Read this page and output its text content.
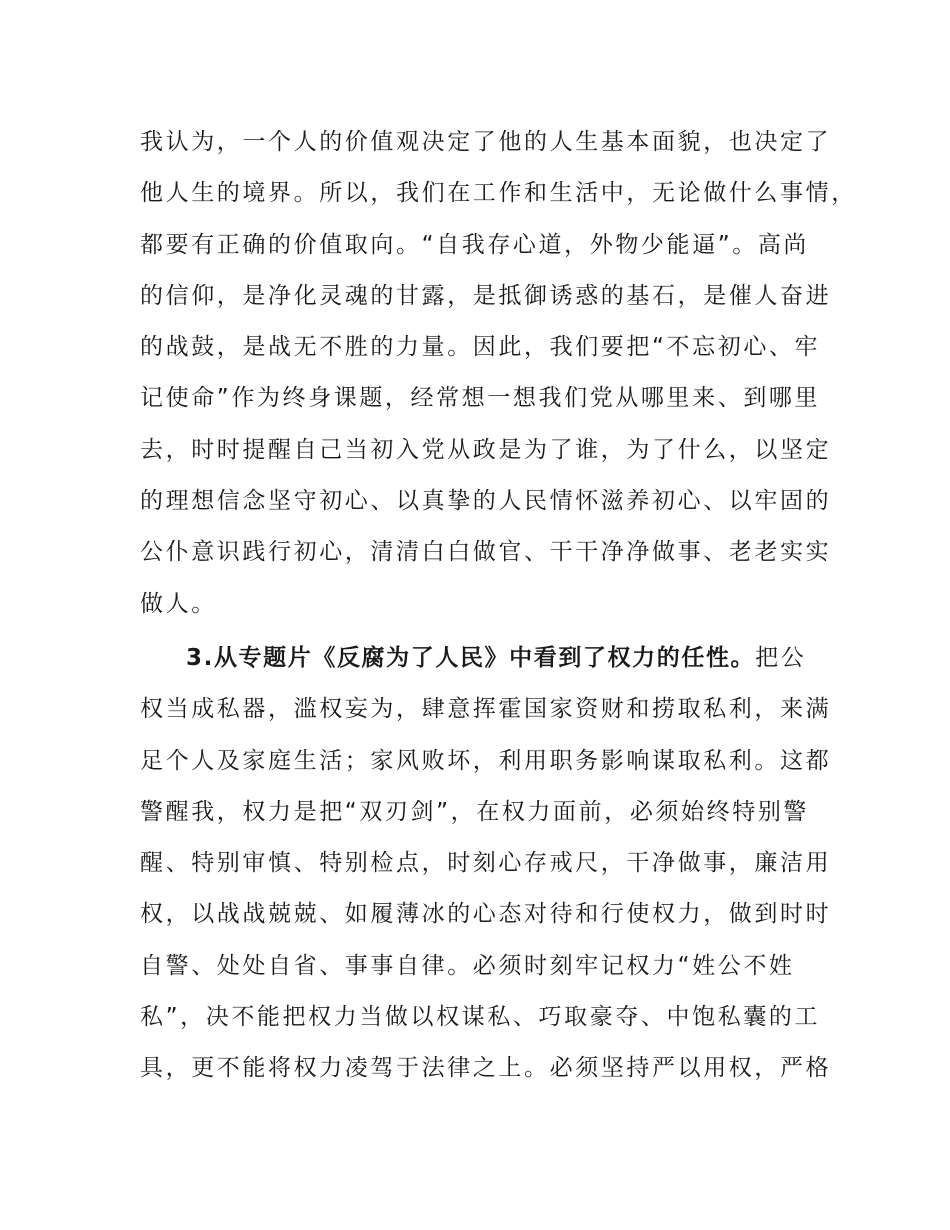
我认为，一个人的价值观决定了他的人生基本面貌，也决定了
他人生的境界。所以，我们在工作和生活中，无论做什么事情，
都要有正确的价值取向。“自我存心道，外物少能逼”。高尚
的信仰，是净化灵魂的甘露，是抵御诱惑的基石，是催人奋进
的战鼓，是战无不胜的力量。因此，我们要把“不忘初心、牢
记使命”作为终身课题，经常想一想我们党从哪里来、到哪里
去，时时提醒自己当初入党从政是为了谁，为了什么，以坚定
的理想信念坚守初心、以真挚的人民情怀滋养初心、以牢固的
公仆意识践行初心，清清白白做官、干干净净做事、老老实实
做人。
3.从专题片《反腐为了人民》中看到了权力的任性。把公
权当成私器，滥权妄为，肆意挥霍国家资财和捞取私利，来满
足个人及家庭生活；家风败坏，利用职务影响谋取私利。这都
警醒我，权力是把“双刃剑”，在权力面前，必须始终特别警
醒、特别审慎、特别检点，时刻心存戒尺，干净做事，廉洁用
权，以战战兢兢、如履薄冰的心态对待和行使权力，做到时时
自警、处处自省、事事自律。必须时刻牢记权力“姓公不姓
私”，决不能把权力当做以权谋私、巧取豪夺、中饱私囊的工
具，更不能将权力凌驾于法律之上。必须坚持严以用权，严格
